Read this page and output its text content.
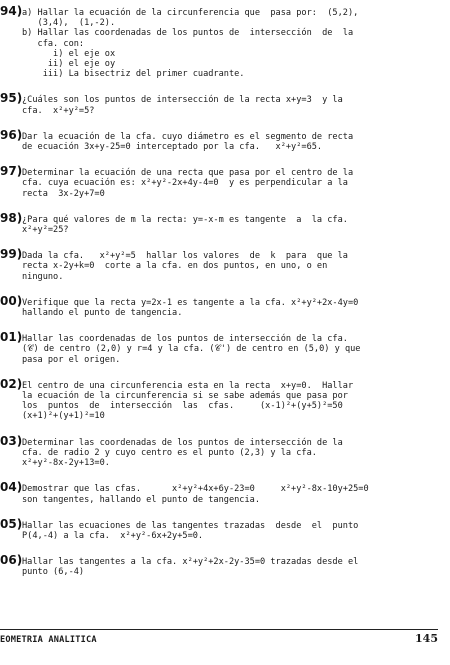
94) a) Hallar la ecuación de la circunferencia que  pasa por:  (5,2),
(3,4),  (1,-2).
b) Hallar las coordenadas de los puntos de  intersección  de  la
cfa. con:
i) el eje ox
ii) el eje oy
iii) La bisectriz del primer cuadrante.
95) ¿Cuáles son los puntos de intersección de la recta x+y=3  y la
cfa.  x²+y²=5?
96) Dar la ecuación de la cfa. cuyo diámetro es el segmento de recta
de ecuación 3x+y-25=0 interceptado por la cfa.   x²+y²=65.
97) Determinar la ecuación de una recta que pasa por el centro de la
cfa. cuya ecuación es: x²+y²-2x+4y-4=0  y es perpendicular a la
recta  3x-2y+7=0
98) ¿Para qué valores de m la recta: y=-x-m es tangente  a  la cfa.
x²+y²=25?
99) Dada la cfa.   x²+y²=5  hallar los valores  de  k  para  que la
recta x-2y+k=0  corte a la cfa. en dos puntos, en uno, o en
ninguno.
00) Verifique que la recta y=2x-1 es tangente a la cfa. x²+y²+2x-4y=0
hallando el punto de tangencia.
01) Hallar las coordenadas de los puntos de intersección de la cfa.
(𝒞) de centro (2,0) y r=4 y la cfa. (𝒞') de centro en (5,0) y que
pasa por el origen.
02) El centro de una circunferencia esta en la recta  x+y=0.  Hallar
la ecuación de la circunferencia si se sabe además que pasa por
los  puntos  de  intersección  las  cfas.     (x-1)²+(y+5)²=50
(x+1)²+(y+1)²=10
03) Determinar las coordenadas de los puntos de intersección de la
cfa. de radio 2 y cuyo centro es el punto (2,3) y la cfa.
x²+y²-8x-2y+13=0.
04) Demostrar que las cfas.      x²+y²+4x+6y-23=0     x²+y²-8x-10y+25=0
son tangentes, hallando el punto de tangencia.
05) Hallar las ecuaciones de las tangentes trazadas  desde  el  punto
P(4,-4) a la cfa.  x²+y²-6x+2y+5=0.
06) Hallar las tangentes a la cfa. x²+y²+2x-2y-35=0 trazadas desde el
punto (6,-4)
EOMETRIA ANALITICA	145
